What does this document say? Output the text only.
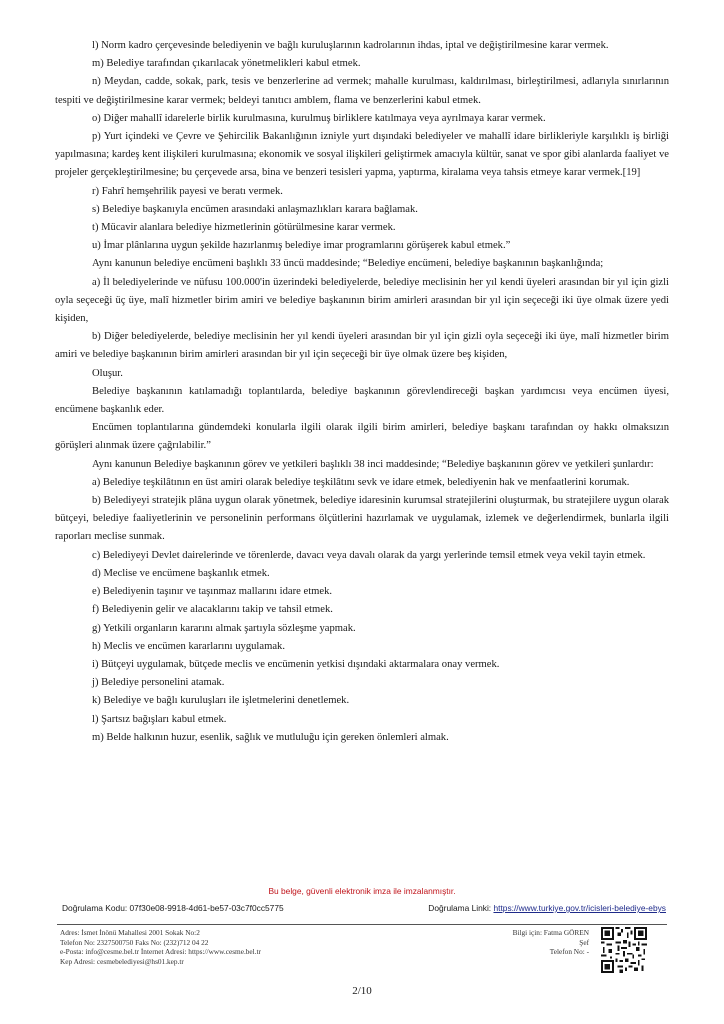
l) Norm kadro çerçevesinde belediyenin ve bağlı kuruluşlarının kadrolarının ihdas, iptal ve değiştirilmesine karar vermek.

m) Belediye tarafından çıkarılacak yönetmelikleri kabul etmek.

n) Meydan, cadde, sokak, park, tesis ve benzerlerine ad vermek; mahalle kurulması, kaldırılması, birleştirilmesi, adlarıyla sınırlarının tespiti ve değiştirilmesine karar vermek; beldeyi tanıtıcı amblem, flama ve benzerlerini kabul etmek.

o) Diğer mahallî idarelerle birlik kurulmasına, kurulmuş birliklere katılmaya veya ayrılmaya karar vermek.

p) Yurt içindeki ve Çevre ve Şehircilik Bakanlığının izniyle yurt dışındaki belediyeler ve mahallî idare birlikleriyle karşılıklı iş birliği yapılmasına; kardeş kent ilişkileri kurulmasına; ekonomik ve sosyal ilişkileri geliştirmek amacıyla kültür, sanat ve spor gibi alanlarda faaliyet ve projeler gerçekleştirilmesine; bu çerçevede arsa, bina ve benzeri tesisleri yapma, yaptırma, kiralama veya tahsis etmeye karar vermek.[19]

r) Fahrî hemşehrilik payesi ve beratı vermek.

s) Belediye başkanıyla encümen arasındaki anlaşmazlıkları karara bağlamak.

t) Mücavir alanlara belediye hizmetlerinin götürülmesine karar vermek.

u) İmar plânlarına uygun şekilde hazırlanmış belediye imar programlarını görüşerek kabul etmek.”

Aynı kanunun belediye encümeni başlıklı 33 üncü maddesinde; “Belediye encümeni, belediye başkanının başkanlığında;

a) İl belediyelerinde ve nüfusu 100.000'in üzerindeki belediyelerde, belediye meclisinin her yıl kendi üyeleri arasından bir yıl için gizli oyla seçeceği üç üye, malî hizmetler birim amiri ve belediye başkanının birim amirleri arasından bir yıl için seçeceği iki üye olmak üzere yedi kişiden,

b) Diğer belediyelerde, belediye meclisinin her yıl kendi üyeleri arasından bir yıl için gizli oyla seçeceği iki üye, malî hizmetler birim amiri ve belediye başkanının birim amirleri arasından bir yıl için seçeceği bir üye olmak üzere beş kişiden,

Oluşur.

Belediye başkanının katılamadığı toplantılarda, belediye başkanının görevlendireceği başkan yardımcısı veya encümen üyesi, encümene başkanlık eder.

Encümen toplantılarına gündemdeki konularla ilgili olarak ilgili birim amirleri, belediye başkanı tarafından oy hakkı olmaksızın görüşleri alınmak üzere çağrılabilir.”

Aynı kanunun Belediye başkanının görev ve yetkileri başlıklı 38 inci maddesinde; “Belediye başkanının görev ve yetkileri şunlardır:

a) Belediye teşkilâtının en üst amiri olarak belediye teşkilâtını sevk ve idare etmek, belediyenin hak ve menfaatlerini korumak.

b) Belediyeyi stratejik plâna uygun olarak yönetmek, belediye idaresinin kurumsal stratejilerini oluşturmak, bu stratejilere uygun olarak bütçeyi, belediye faaliyetlerinin ve personelinin performans ölçütlerini hazırlamak ve uygulamak, izlemek ve değerlendirmek, bunlarla ilgili raporları meclise sunmak.

c) Belediyeyi Devlet dairelerinde ve törenlerde, davacı veya davalı olarak da yargı yerlerinde temsil etmek veya vekil tayin etmek.

d) Meclise ve encümene başkanlık etmek.

e) Belediyenin taşınır ve taşınmaz mallarını idare etmek.

f) Belediyenin gelir ve alacaklarını takip ve tahsil etmek.

g) Yetkili organların kararını almak şartıyla sözleşme yapmak.

h) Meclis ve encümen kararlarını uygulamak.

i) Bütçeyi uygulamak, bütçede meclis ve encümenin yetkisi dışındaki aktarmalara onay vermek.

j) Belediye personelini atamak.

k) Belediye ve bağlı kuruluşları ile işletmelerini denetlemek.

l) Şartsız bağışları kabul etmek.

m) Belde halkının huzur, esenlik, sağlık ve mutluluğu için gereken önlemleri almak.

Bu belge, güvenli elektronik imza ile imzalanmıştır.
Doğrulama Kodu: 07f30e08-9918-4d61-be57-03c7f0cc5775	Doğrulama Linki: https://www.turkiye.gov.tr/icisleri-belediye-ebys
Adres: İsmet İnönü Mahallesi 2001 Sokak No:2
Telefon No: 2327500750 Faks No: (232)712 04 22
e-Posta: info@cesme.bel.tr İnternet Adresi: https://www.cesme.bel.tr
Kep Adresi: cesmebelediyesi@hs01.kep.tr
Bilgi için: Fatma GÖREN
Şef
Telefon No: -
2/10
